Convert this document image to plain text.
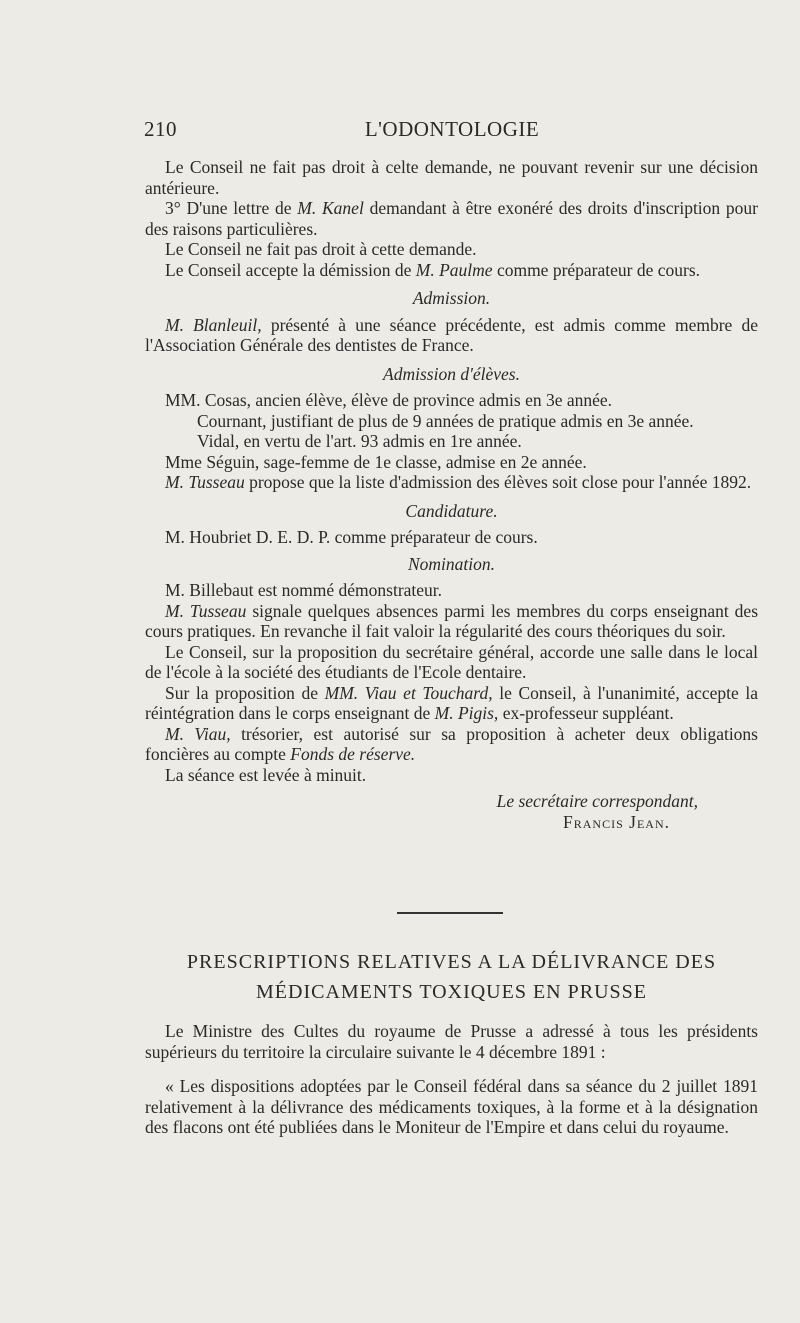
210	L'ODONTOLOGIE

Le Conseil ne fait pas droit à celte demande, ne pouvant revenir sur une décision antérieure.

3° D'une lettre de M. Kanel demandant à être exonéré des droits d'inscription pour des raisons particulières.

Le Conseil ne fait pas droit à cette demande.

Le Conseil accepte la démission de M. Paulme comme préparateur de cours.

Admission.

M. Blanleuil, présenté à une séance précédente, est admis comme membre de l'Association Générale des dentistes de France.

Admission d'élèves.

MM. Cosas, ancien élève, élève de province admis en 3e année.

Cournant, justifiant de plus de 9 années de pratique admis en 3e année.

Vidal, en vertu de l'art. 93 admis en 1re année.

Mme Séguin, sage-femme de 1e classe, admise en 2e année.

M. Tusseau propose que la liste d'admission des élèves soit close pour l'année 1892.

Candidature.

M. Houbriet D. E. D. P. comme préparateur de cours.

Nomination.

M. Billebaut est nommé démonstrateur.

M. Tusseau signale quelques absences parmi les membres du corps enseignant des cours pratiques. En revanche il fait valoir la régularité des cours théoriques du soir.

Le Conseil, sur la proposition du secrétaire général, accorde une salle dans le local de l'école à la société des étudiants de l'Ecole dentaire.

Sur la proposition de MM. Viau et Touchard, le Conseil, à l'unanimité, accepte la réintégration dans le corps enseignant de M. Pigis, ex-professeur suppléant.

M. Viau, trésorier, est autorisé sur sa proposition à acheter deux obligations foncières au compte Fonds de réserve.

La séance est levée à minuit.

Le secrétaire correspondant,

Francis Jean.

PRESCRIPTIONS RELATIVES A LA DÉLIVRANCE DES
MÉDICAMENTS TOXIQUES EN PRUSSE

Le Ministre des Cultes du royaume de Prusse a adressé à tous les présidents supérieurs du territoire la circulaire suivante le 4 décembre 1891 :

« Les dispositions adoptées par le Conseil fédéral dans sa séance du 2 juillet 1891 relativement à la délivrance des médicaments toxiques, à la forme et à la désignation des flacons ont été publiées dans le Moniteur de l'Empire et dans celui du royaume.
